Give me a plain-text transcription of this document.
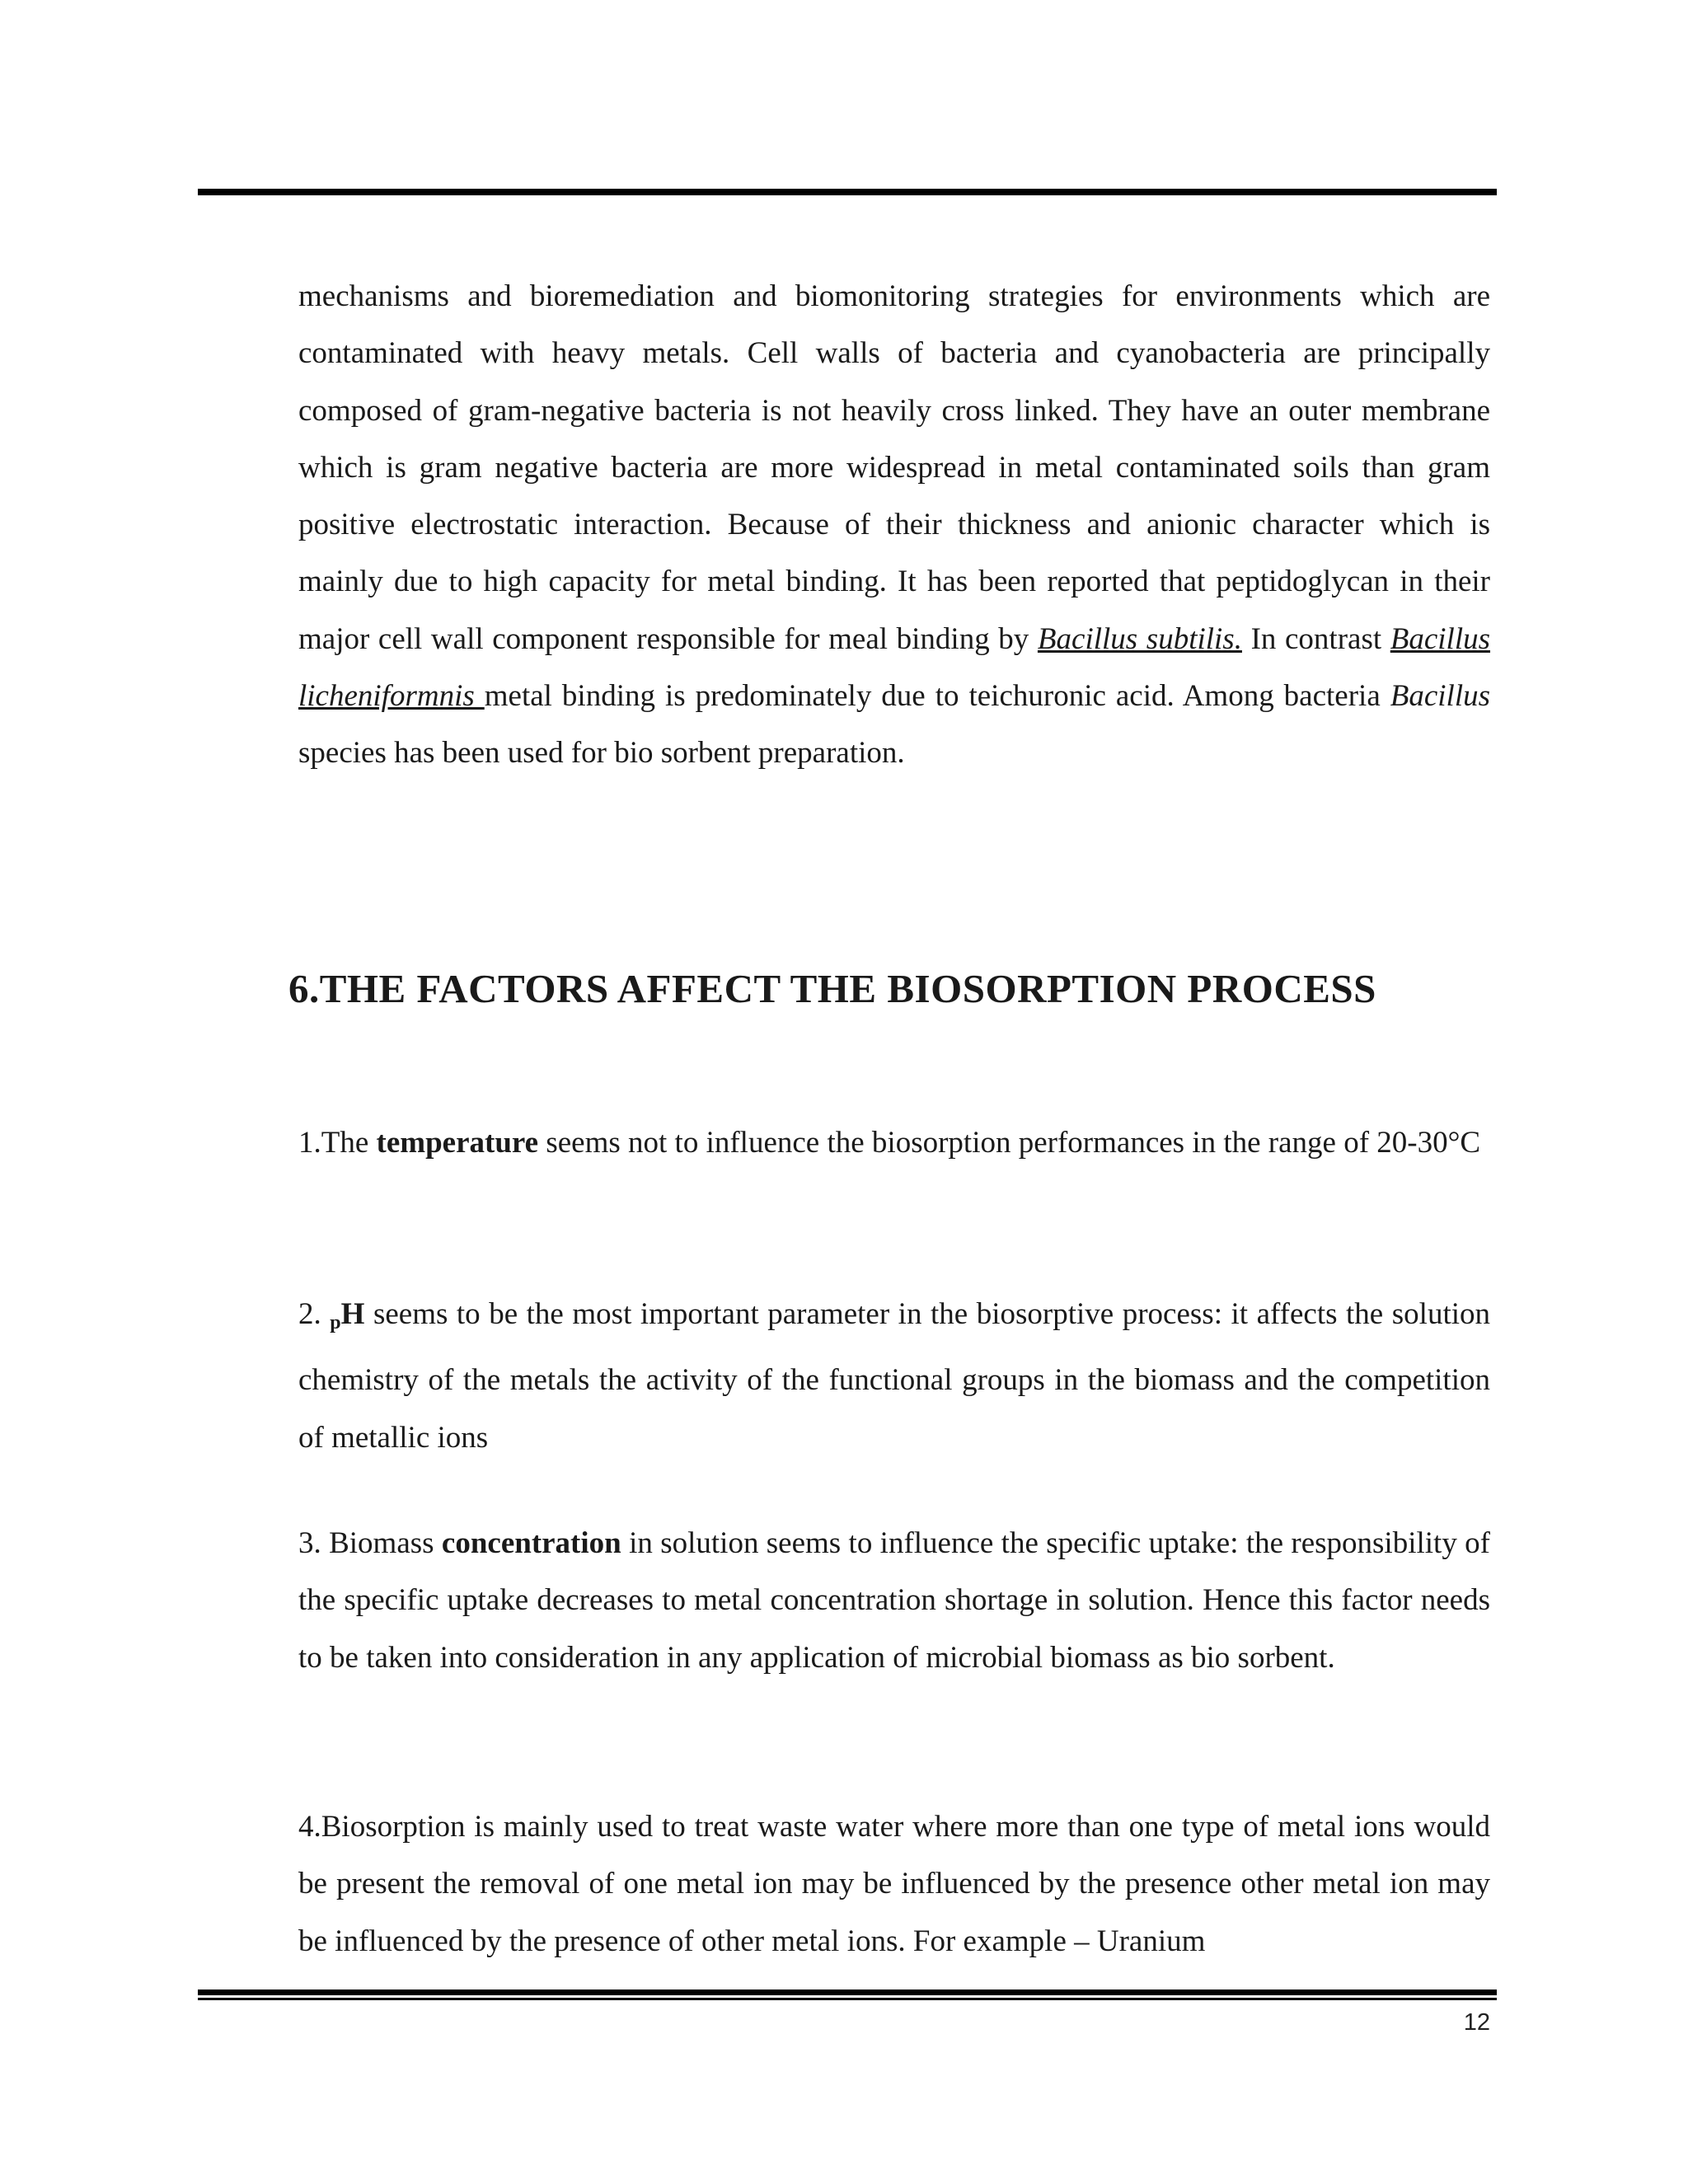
mechanisms and bioremediation and biomonitoring strategies for environments which are contaminated with heavy metals. Cell walls of bacteria and cyanobacteria are principally composed of gram-negative bacteria is not heavily cross linked. They have an outer membrane which is gram negative bacteria are more widespread in metal contaminated soils than gram positive electrostatic interaction. Because of their thickness and anionic character which is mainly due to high capacity for metal binding. It has been reported that peptidoglycan in their major cell wall component responsible for meal binding by Bacillus subtilis. In contrast Bacillus licheniformnis metal binding is predominately due to teichuronic acid. Among bacteria Bacillus species has been used for bio sorbent preparation.

1.The temperature seems not to influence the biosorption performances in the range of 20-30°C

2. pH seems to be the most important parameter in the biosorptive process: it affects the solution chemistry of the metals the activity of the functional groups in the biomass and the competition of metallic ions

3. Biomass concentration in solution seems to influence the specific uptake: the responsibility of the specific uptake decreases to metal concentration shortage in solution. Hence this factor needs to be taken into consideration in any application of microbial biomass as bio sorbent.

4.Biosorption is mainly used to treat waste water where more than one type of metal ions would be present the removal of one metal ion may be influenced by the presence other metal ion may be influenced by the presence of other metal ions. For example – Uranium

6.THE FACTORS AFFECT THE BIOSORPTION PROCESS
12
